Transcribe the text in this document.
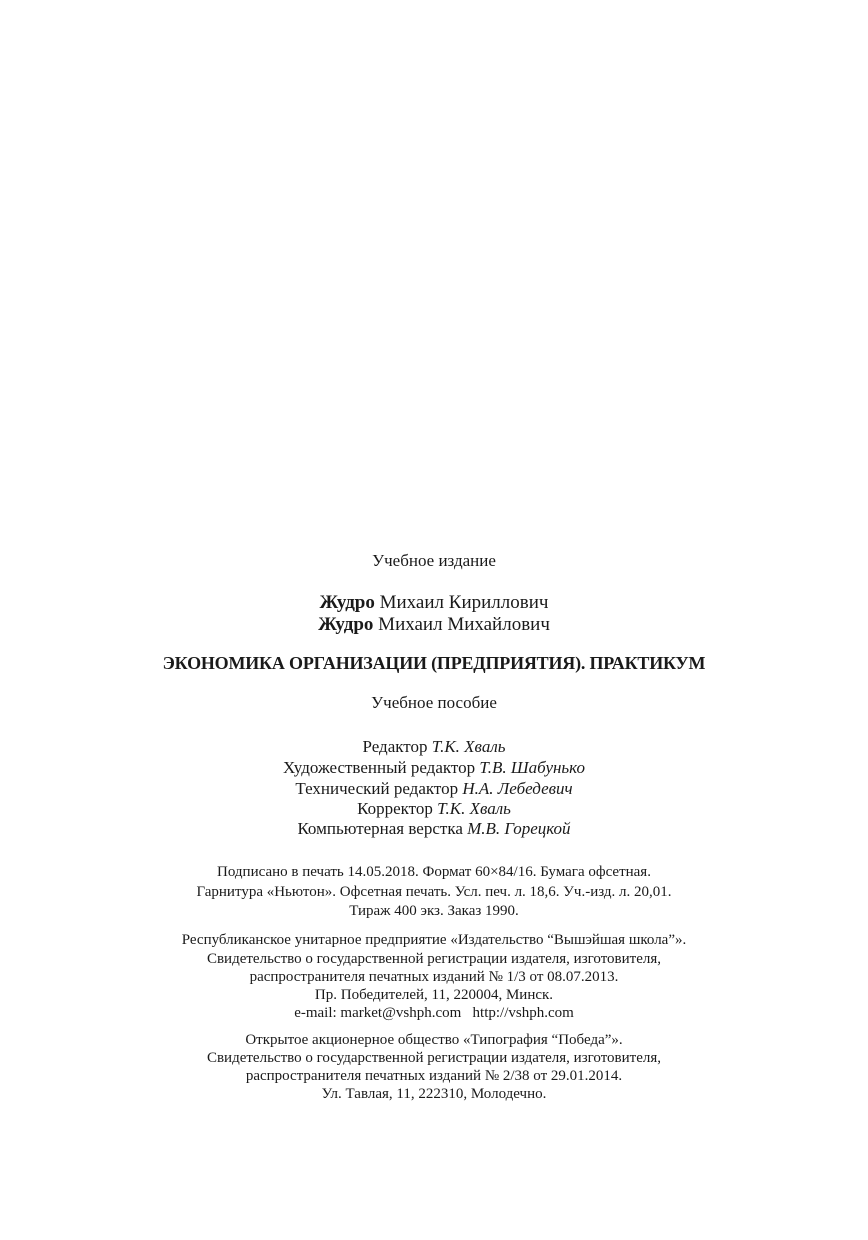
Учебное издание
Жудро Михаил Кириллович
Жудро Михаил Михайлович
ЭКОНОМИКА ОРГАНИЗАЦИИ (ПРЕДПРИЯТИЯ). ПРАКТИКУМ
Учебное пособие
Редактор Т.К. Хваль
Художественный редактор Т.В. Шабунько
Технический редактор Н.А. Лебедевич
Корректор Т.К. Хваль
Компьютерная верстка М.В. Горецкой
Подписано в печать 14.05.2018. Формат 60×84/16. Бумага офсетная.
Гарнитура «Ньютон». Офсетная печать. Усл. печ. л. 18,6. Уч.-изд. л. 20,01.
Тираж 400 экз. Заказ 1990.
Республиканское унитарное предприятие «Издательство “Вышэйшая школа”».
Свидетельство о государственной регистрации издателя, изготовителя,
распространителя печатных изданий № 1/3 от 08.07.2013.
Пр. Победителей, 11, 220004, Минск.
e-mail: market@vshph.com   http://vshph.com
Открытое акционерное общество «Типография “Победа”».
Свидетельство о государственной регистрации издателя, изготовителя,
распространителя печатных изданий № 2/38 от 29.01.2014.
Ул. Тавлая, 11, 222310, Молодечно.
